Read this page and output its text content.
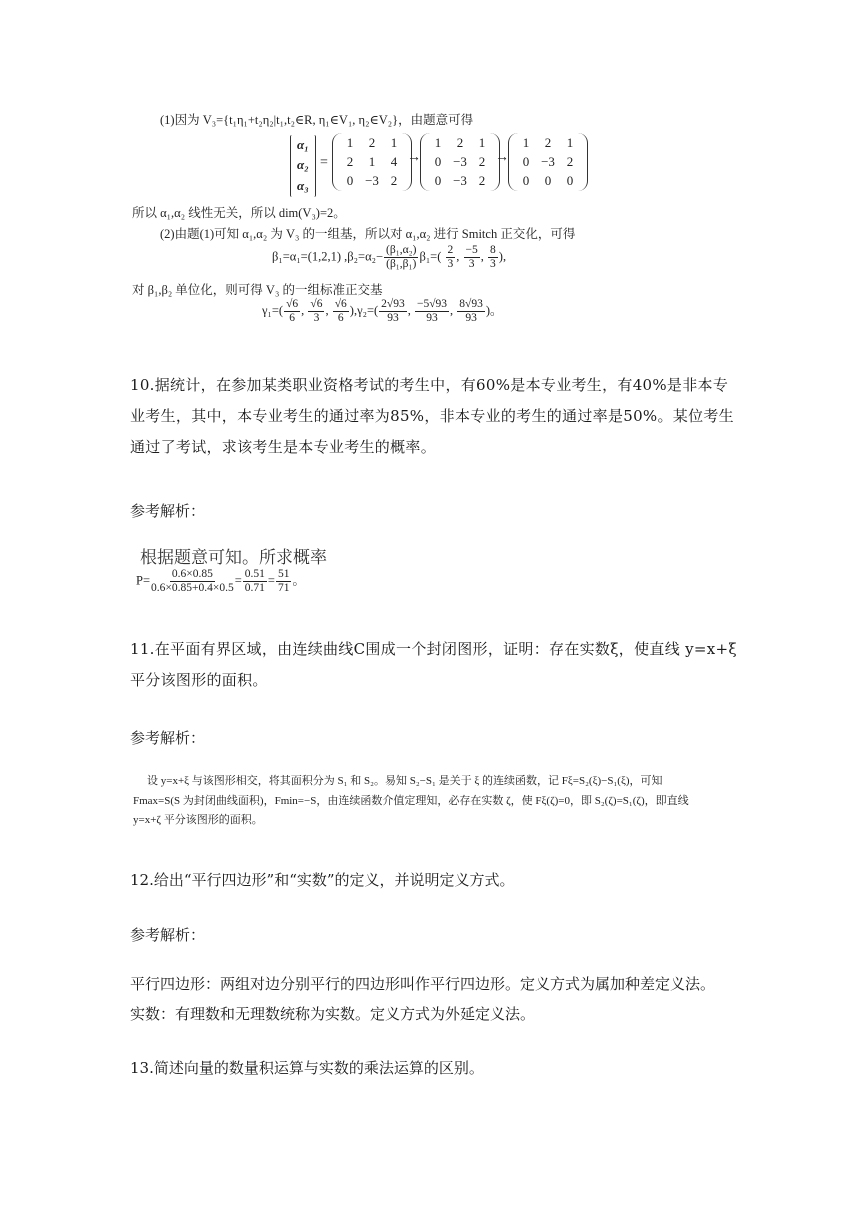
(1)因为 V₃={t₁η₁+t₂η₂|t₁,t₂∈R, η₁∈V₁, η₂∈V₂}，由题意可得
α₁
α₂
α₃
=
1	2	1
2	1	4
0 −3 2
→
1	2	1
0 −3 2
0 −3 2
→
1	2	1
0 −3 2
0	0	0
所以 α₁,α₂ 线性无关，所以 dim(V₃)=2。
(2)由题(1)可知 α₁,α₂ 为 V₃ 的一组基，所以对 α₁,α₂ 进行 Smitch 正交化，可得
β₁=α₁=(1,2,1) $,\beta_2=\alpha_2- \frac{\text{(β₁,α₂)}}{\text{(β₁,β₁)}} \beta_1=( \frac{2}{3}$ , $\frac{-5}{3}$ , $\frac{8}{3}$ ),
对 β₁,β₂ 单位化，则可得 V₃ 的一组标准正交基
$\gamma_1=( \frac{√6}{6}$ , $\frac{√6}{3}$ , $\frac{√6}{6} ),\gamma_2=( \frac{2√93}{93}$ , $\frac{-5√93}{93}$ , $\frac{8√93}{93}$ )。
10.据统计，在参加某类职业资格考试的考生中，有60%是本专业考生，有40%是非本专业考生，其中，本专业考生的通过率为85%，非本专业的考生的通过率是50%。某位考生通过了考试，求该考生是本专业考生的概率。
参考解析：
根据题意可知。所求概率
$P= \frac{0.6\times 0.85}{0.6\times 0.85+0.4\times 0.5} = \frac{0.51}{0.71} = \frac{51}{71}$ 。
11.在平面有界区域，由连续曲线C围成一个封闭图形，证明：存在实数ξ，使直线 y=x+ξ平分该图形的面积。
参考解析：
设 y=x+ξ 与该图形相交，将其面积分为 S₁ 和 S₂。易知 S₂−S₁ 是关于 ξ 的连续函数，记 Fξ=S₂(ξ)−S₁(ξ)，可知
Fmax=S(S 为封闭曲线面积)，Fmin=−S，由连续函数介值定理知，必存在实数 ζ，使 Fξ(ζ)=0，即 S₂(ζ)=S₁(ζ)，即直线
y=x+ζ 平分该图形的面积。
12.给出“平行四边形”和“实数”的定义，并说明定义方式。
参考解析：
平行四边形：两组对边分别平行的四边形叫作平行四边形。定义方式为属加种差定义法。
实数：有理数和无理数统称为实数。定义方式为外延定义法。
13.简述向量的数量积运算与实数的乘法运算的区别。
